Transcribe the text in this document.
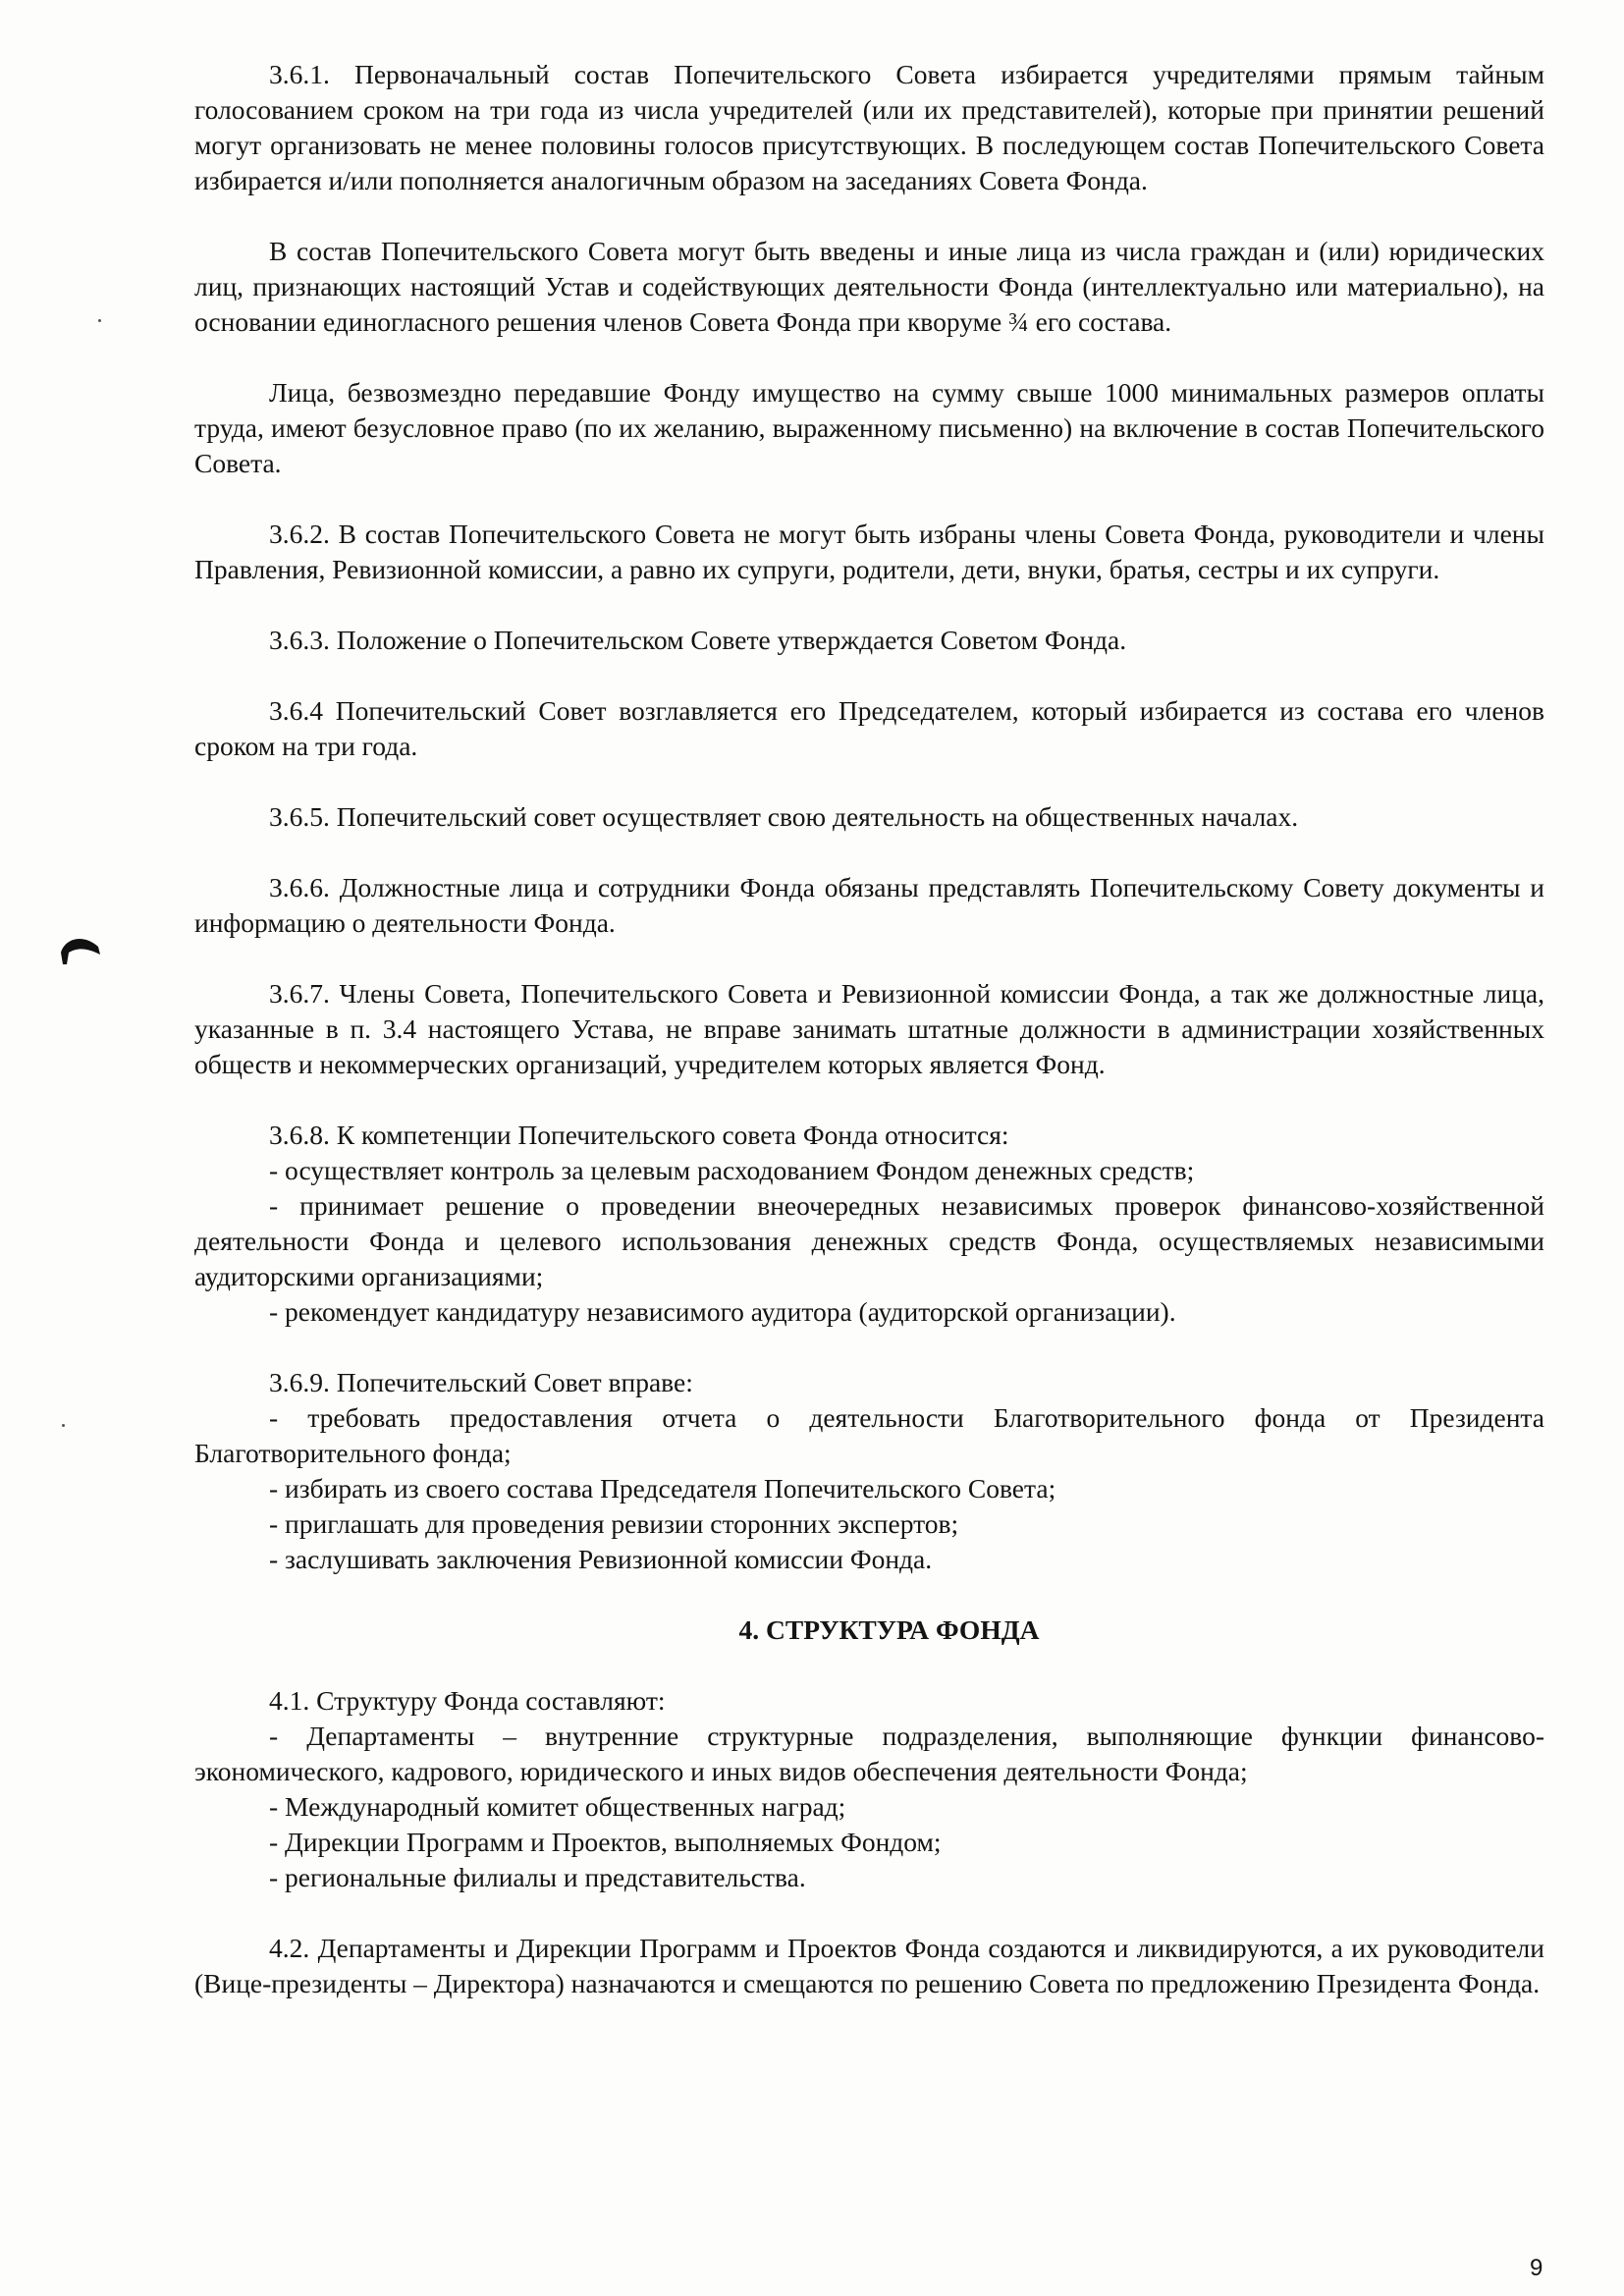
3.6.1. Первоначальный состав Попечительского Совета избирается учредителями прямым тайным голосованием сроком на три года из числа учредителей (или их представителей), которые при принятии решений могут организовать не менее половины голосов присутствующих. В последующем состав Попечительского Совета избирается и/или пополняется аналогичным образом на заседаниях Совета Фонда.

В состав Попечительского Совета могут быть введены и иные лица из числа граждан и (или) юридических лиц, признающих настоящий Устав и содействующих деятельности Фонда (интеллектуально или материально), на основании единогласного решения членов Совета Фонда при кворуме ¾ его состава.

Лица, безвозмездно передавшие Фонду имущество на сумму свыше 1000 минимальных размеров оплаты труда, имеют безусловное право (по их желанию, выраженному письменно) на включение в состав Попечительского Совета.

3.6.2. В состав Попечительского Совета не могут быть избраны члены Совета Фонда, руководители и члены Правления, Ревизионной комиссии, а равно их супруги, родители, дети, внуки, братья, сестры и их супруги.

3.6.3. Положение о Попечительском Совете утверждается Советом Фонда.

3.6.4 Попечительский Совет возглавляется его Председателем, который избирается из состава его членов сроком на три года.

3.6.5. Попечительский совет осуществляет свою деятельность на общественных началах.

3.6.6. Должностные лица и сотрудники Фонда обязаны представлять Попечительскому Совету документы и информацию о деятельности Фонда.

3.6.7. Члены Совета, Попечительского Совета и Ревизионной комиссии Фонда, а так же должностные лица, указанные в п. 3.4 настоящего Устава, не вправе занимать штатные должности в администрации хозяйственных обществ и некоммерческих организаций, учредителем которых является Фонд.

3.6.8. К компетенции Попечительского совета Фонда относится:

- осуществляет контроль за целевым расходованием Фондом денежных средств;

- принимает решение о проведении внеочередных независимых проверок финансово-хозяйственной деятельности Фонда и целевого использования денежных средств Фонда, осуществляемых независимыми аудиторскими организациями;

- рекомендует кандидатуру независимого аудитора (аудиторской организации).

3.6.9. Попечительский Совет вправе:

- требовать предоставления отчета о деятельности Благотворительного фонда от Президента Благотворительного фонда;

- избирать из своего состава Председателя Попечительского Совета;

- приглашать для проведения ревизии сторонних экспертов;

- заслушивать заключения Ревизионной комиссии Фонда.

4. СТРУКТУРА ФОНДА

4.1. Структуру Фонда составляют:

- Департаменты – внутренние структурные подразделения, выполняющие функции финансово-экономического, кадрового, юридического и иных видов обеспечения деятельности Фонда;

- Международный комитет общественных наград;

- Дирекции Программ и Проектов, выполняемых Фондом;

- региональные филиалы и представительства.

4.2. Департаменты и Дирекции Программ и Проектов Фонда создаются и ликвидируются, а их руководители (Вице-президенты – Директора) назначаются и смещаются по решению Совета по предложению Президента Фонда.

9
